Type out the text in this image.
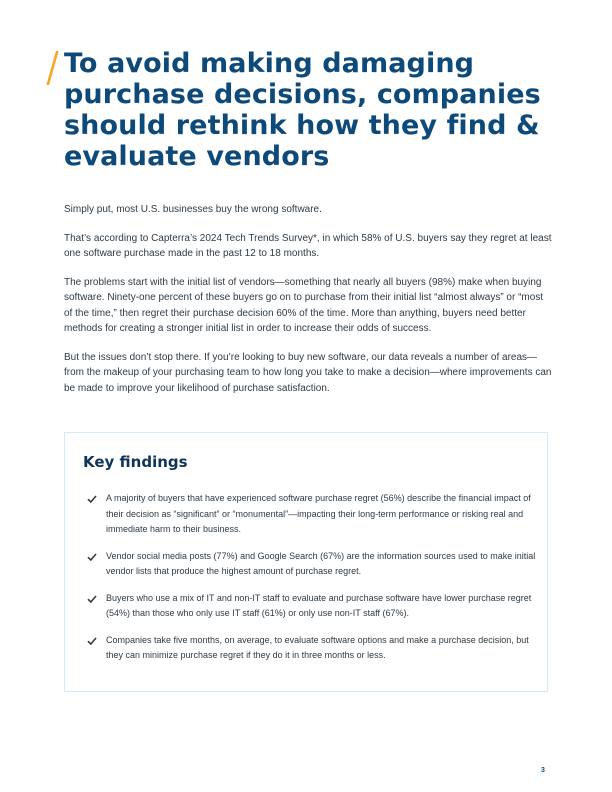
To avoid making damaging purchase decisions, companies should rethink how they find & evaluate vendors

Simply put, most U.S. businesses buy the wrong software.

That’s according to Capterra’s 2024 Tech Trends Survey*, in which 58% of U.S. buyers say they regret at least one software purchase made in the past 12 to 18 months.

The problems start with the initial list of vendors—something that nearly all buyers (98%) make when buying software. Ninety-one percent of these buyers go on to purchase from their initial list “almost always” or “most of the time,” then regret their purchase decision 60% of the time. More than anything, buyers need better methods for creating a stronger initial list in order to increase their odds of success.

But the issues don’t stop there. If you’re looking to buy new software, our data reveals a number of areas—from the makeup of your purchasing team to how long you take to make a decision—where improvements can be made to improve your likelihood of purchase satisfaction.

Key findings
A majority of buyers that have experienced software purchase regret (56%) describe the financial impact of their decision as “significant” or “monumental”—impacting their long-term performance or risking real and immediate harm to their business.
Vendor social media posts (77%) and Google Search (67%) are the information sources used to make initial vendor lists that produce the highest amount of purchase regret.
Buyers who use a mix of IT and non-IT staff to evaluate and purchase software have lower purchase regret (54%) than those who only use IT staff (61%) or only use non-IT staff (67%).
Companies take five months, on average, to evaluate software options and make a purchase decision, but they can minimize purchase regret if they do it in three months or less.
3
